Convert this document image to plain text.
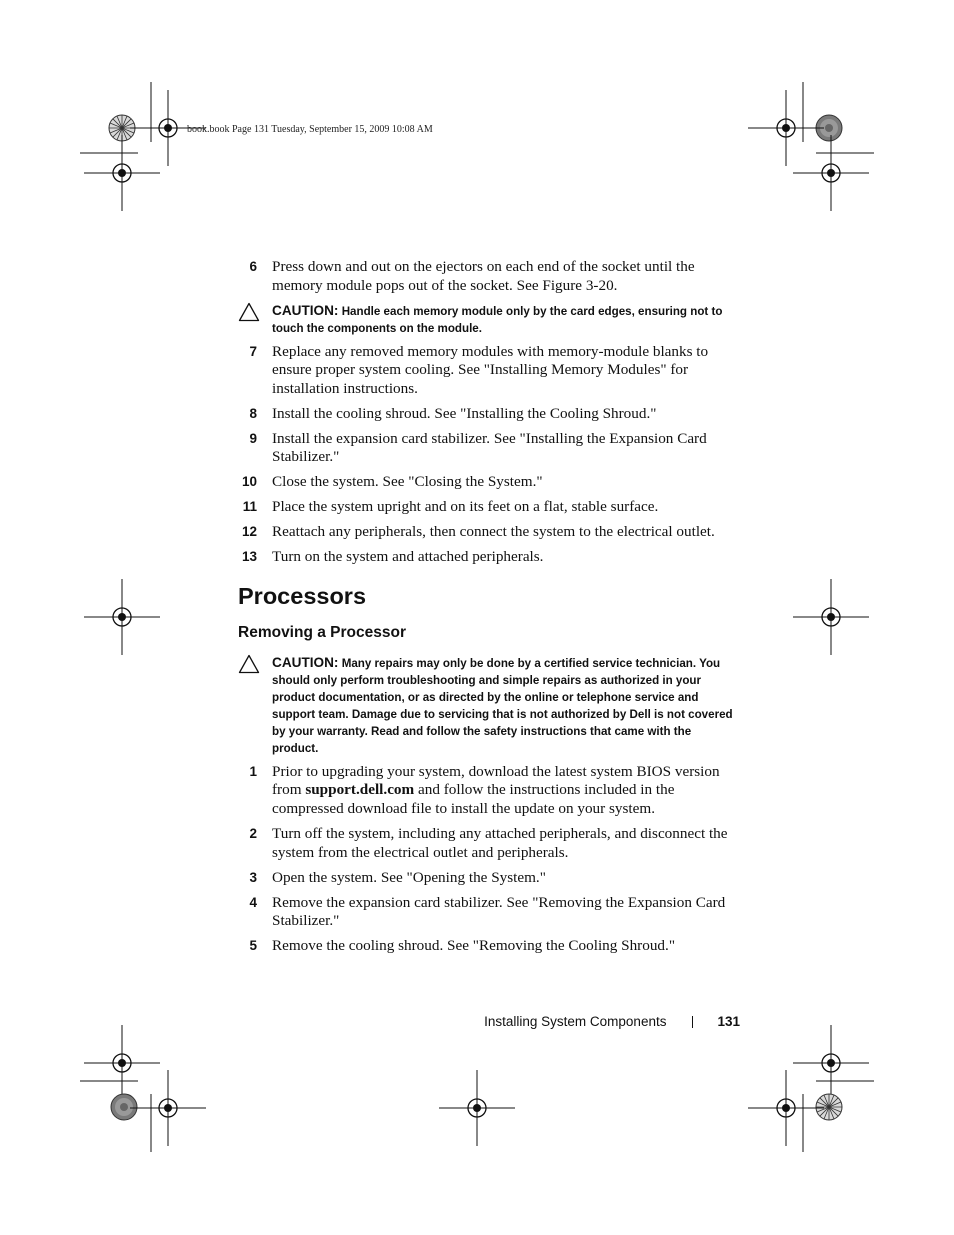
book.book Page 131 Tuesday, September 15, 2009 10:08 AM
6 Press down and out on the ejectors on each end of the socket until the memory module pops out of the socket. See Figure 3-20.
CAUTION: Handle each memory module only by the card edges, ensuring not to touch the components on the module.
7 Replace any removed memory modules with memory-module blanks to ensure proper system cooling. See "Installing Memory Modules" for installation instructions.
8 Install the cooling shroud. See "Installing the Cooling Shroud."
9 Install the expansion card stabilizer. See "Installing the Expansion Card Stabilizer."
10 Close the system. See "Closing the System."
11 Place the system upright and on its feet on a flat, stable surface.
12 Reattach any peripherals, then connect the system to the electrical outlet.
13 Turn on the system and attached peripherals.
Processors
Removing a Processor
CAUTION: Many repairs may only be done by a certified service technician. You should only perform troubleshooting and simple repairs as authorized in your product documentation, or as directed by the online or telephone service and support team. Damage due to servicing that is not authorized by Dell is not covered by your warranty. Read and follow the safety instructions that came with the product.
1 Prior to upgrading your system, download the latest system BIOS version from support.dell.com and follow the instructions included in the compressed download file to install the update on your system.
2 Turn off the system, including any attached peripherals, and disconnect the system from the electrical outlet and peripherals.
3 Open the system. See "Opening the System."
4 Remove the expansion card stabilizer. See "Removing the Expansion Card Stabilizer."
5 Remove the cooling shroud. See "Removing the Cooling Shroud."
Installing System Components	131
